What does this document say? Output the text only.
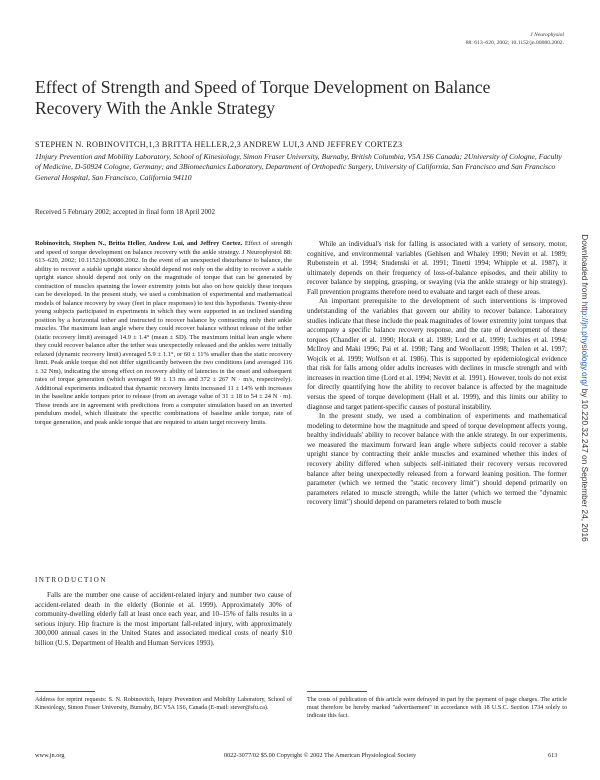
J Neurophysiol
88: 613–620, 2002; 10.1152/jn.00080.2002.
Effect of Strength and Speed of Torque Development on Balance Recovery With the Ankle Strategy
STEPHEN N. ROBINOVITCH,1,3 BRITTA HELLER,2,3 ANDREW LUI,3 AND JEFFREY CORTEZ3
1Injury Prevention and Mobility Laboratory, School of Kinesiology, Simon Fraser University, Burnaby, British Columbia, V5A 1S6 Canada; 2University of Cologne, Faculty of Medicine, D-50924 Cologne, Germany; and 3Biomechanics Laboratory, Department of Orthopedic Surgery, University of California, San Francisco and San Francisco General Hospital, San Francisco, California 94110
Received 5 February 2002; accepted in final form 18 April 2002
Robinovitch, Stephen N., Britta Heller, Andrew Lui, and Jeffrey Cortez. Effect of strength and speed of torque development on balance recovery with the ankle strategy. J Neurophysiol 88: 613–620, 2002; 10.1152/jn.00080.2002. In the event of an unexpected disturbance to balance, the ability to recover a stable upright stance should depend not only on the ability to recover a stable upright stance should depend not only on the magnitude of torque that can be generated by contraction of muscles spanning the lower extremity joints but also on how quickly these torques can be developed. In the present study, we used a combination of experimental and mathematical models of balance recovery by sway (feet in place responses) to test this hypothesis. Twenty-three young subjects participated in experiments in which they were supported in an inclined standing position by a horizontal tether and instructed to recover balance by contracting only their ankle muscles. The maximum lean angle where they could recover balance without release of the tether (static recovery limit) averaged 14.9 ± 1.4° (mean ± SD). The maximum initial lean angle where they could recover balance after the tether was unexpectedly released and the ankles were initially relaxed (dynamic recovery limit) averaged 5.9 ± 1.1°, or 60 ± 11% smaller than the static recovery limit. Peak ankle torque did not differ significantly between the two conditions (and averaged 116 ± 32 Nm), indicating the strong effect on recovery ability of latencies in the onset and subsequent rates of torque generation (which averaged 99 ± 13 ms and 372 ± 267 N · m/s, respectively). Additional experiments indicated that dynamic recovery limits increased 11 ± 14% with increases in the baseline ankle torques prior to release (from an average value of 31 ± 18 to 54 ± 24 N · m). These trends are in agreement with predictions from a computer simulation based on an inverted pendulum model, which illustrate the specific combinations of baseline ankle torque, rate of torque generation, and peak ankle torque that are required to attain target recovery limits.
INTRODUCTION

Falls are the number one cause of accident-related injury and number two cause of accident-related death in the elderly (Bonnie et al. 1999). Approximately 30% of community-dwelling elderly fall at least once each year, and 10–15% of falls results in a serious injury. Hip fracture is the most important fall-related injury, with approximately 300,000 annual cases in the United States and associated medical costs of nearly $10 billion (U.S. Department of Health and Human Services 1993).

While an individual's risk for falling is associated with a variety of sensory, motor, cognitive, and environmental variables (Gehlsen and Whaley 1990; Nevitt et al. 1989; Rubenstein et al. 1994; Studenski et al. 1991; Tinetti 1994; Whipple et al. 1987), it ultimately depends on their frequency of loss-of-balance episodes, and their ability to recover balance by stepping, grasping, or swaying (via the ankle strategy or hip strategy). Fall prevention programs therefore need to evaluate and target each of these areas.

An important prerequisite to the development of such interventions is improved understanding of the variables that govern our ability to recover balance. Laboratory studies indicate that these include the peak magnitudes of lower extremity joint torques that accompany a specific balance recovery response, and the rate of development of these torques (Chandler et al. 1990; Horak et al. 1989; Lord et al. 1999; Luchies et al. 1994; McIlroy and Maki 1996; Pai et al. 1998; Tang and Woollacott 1998; Thelen et al. 1997; Wojcik et al. 1999; Wolfson et al. 1986). This is supported by epidemiological evidence that risk for falls among older adults increases with declines in muscle strength and with increases in reaction time (Lord et al. 1994; Nevitt et al. 1991). However, tools do not exist for directly quantifying how the ability to recover balance is affected by the magnitude versus the speed of torque development (Hall et al. 1999), and this limits our ability to diagnose and target patient-specific causes of postural instability.

In the present study, we used a combination of experiments and mathematical modeling to determine how the magnitude and speed of torque development affects young, healthy individuals' ability to recover balance with the ankle strategy. In our experiments, we measured the maximum forward lean angle where subjects could recover a stable upright stance by contracting their ankle muscles and examined whether this index of recovery ability differed when subjects self-initiated their recovery versus recovered balance after being unexpectedly released from a forward leaning position. The former parameter (which we termed the "static recovery limit") should depend primarily on parameters related to muscle strength, while the latter (which we termed the "dynamic recovery limit") should depend on parameters related to both muscle

Address for reprint requests: S. N. Robinovitch, Injury Prevention and Mobility Laboratory, School of Kinesiology, Simon Fraser University, Burnaby, BC V5A 1S6, Canada (E-mail: stever@sfu.ca).
The costs of publication of this article were defrayed in part by the payment of page charges. The article must therefore be hereby marked "advertisement" in accordance with 18 U.S.C. Section 1734 solely to indicate this fact.
www.jn.org	0022-3077/02 $5.00 Copyright © 2002 The American Physiological Society	613
Downloaded from http://jn.physiology.org/ by 10.220.32.247 on September 24, 2016
